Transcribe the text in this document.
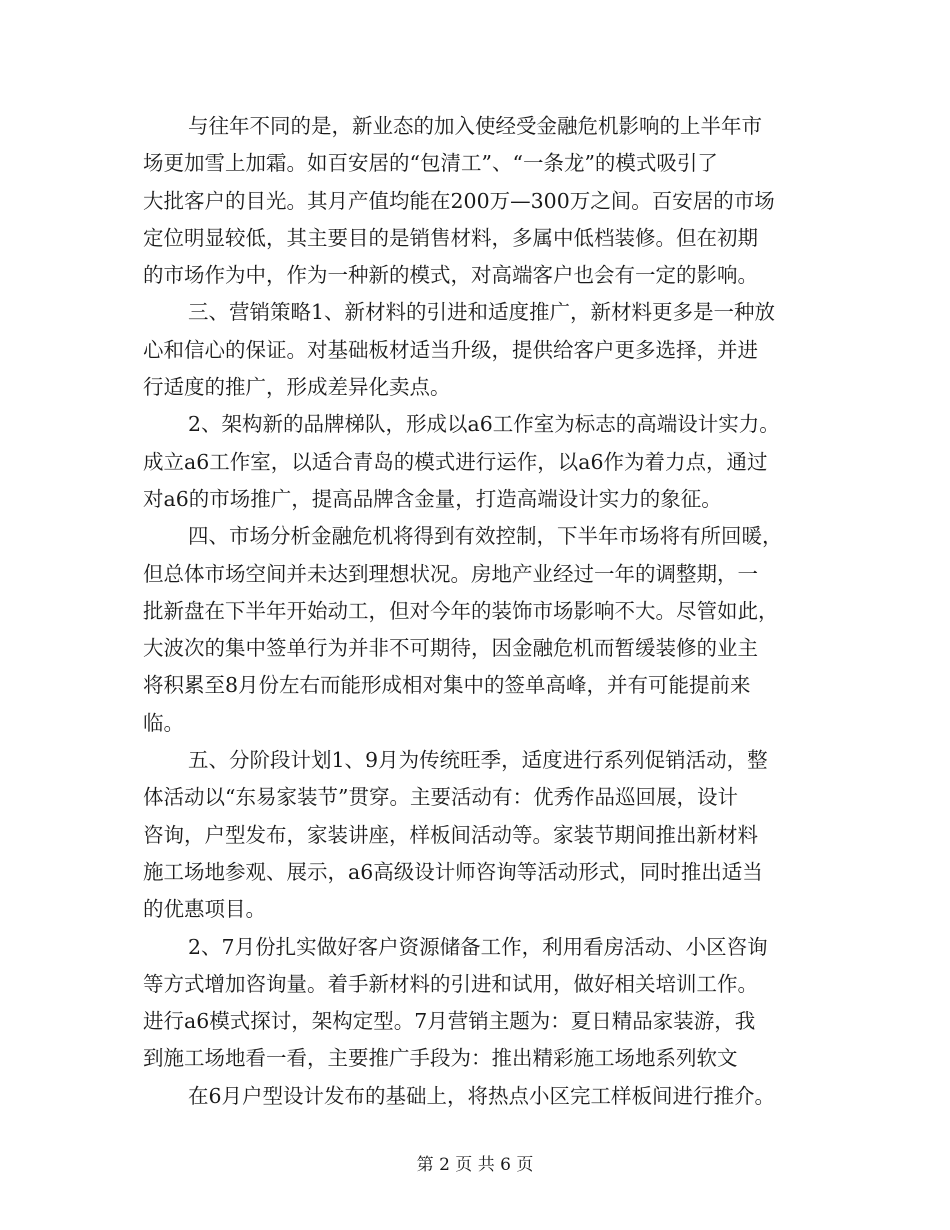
与往年不同的是，新业态的加入使经受金融危机影响的上半年市
场更加雪上加霜。如百安居的“包清工”、“一条龙”的模式吸引了
大批客户的目光。其月产值均能在200万—300万之间。百安居的市场
定位明显较低，其主要目的是销售材料，多属中低档装修。但在初期
的市场作为中，作为一种新的模式，对高端客户也会有一定的影响。
三、营销策略1、新材料的引进和适度推广，新材料更多是一种放
心和信心的保证。对基础板材适当升级，提供给客户更多选择，并进
行适度的推广，形成差异化卖点。
2、架构新的品牌梯队，形成以a6工作室为标志的高端设计实力。
成立a6工作室，以适合青岛的模式进行运作，以a6作为着力点，通过
对a6的市场推广，提高品牌含金量，打造高端设计实力的象征。
四、市场分析金融危机将得到有效控制，下半年市场将有所回暖，
但总体市场空间并未达到理想状况。房地产业经过一年的调整期，一
批新盘在下半年开始动工，但对今年的装饰市场影响不大。尽管如此，
大波次的集中签单行为并非不可期待，因金融危机而暂缓装修的业主
将积累至8月份左右而能形成相对集中的签单高峰，并有可能提前来
临。
五、分阶段计划1、9月为传统旺季，适度进行系列促销活动，整
体活动以“东易家装节”贯穿。主要活动有：优秀作品巡回展，设计
咨询，户型发布，家装讲座，样板间活动等。家装节期间推出新材料
施工场地参观、展示，a6高级设计师咨询等活动形式，同时推出适当
的优惠项目。
2、7月份扎实做好客户资源储备工作，利用看房活动、小区咨询
等方式增加咨询量。着手新材料的引进和试用，做好相关培训工作。
进行a6模式探讨，架构定型。7月营销主题为：夏日精品家装游，我
到施工场地看一看，主要推广手段为：推出精彩施工场地系列软文
在6月户型设计发布的基础上，将热点小区完工样板间进行推介。
第 2 页 共 6 页
